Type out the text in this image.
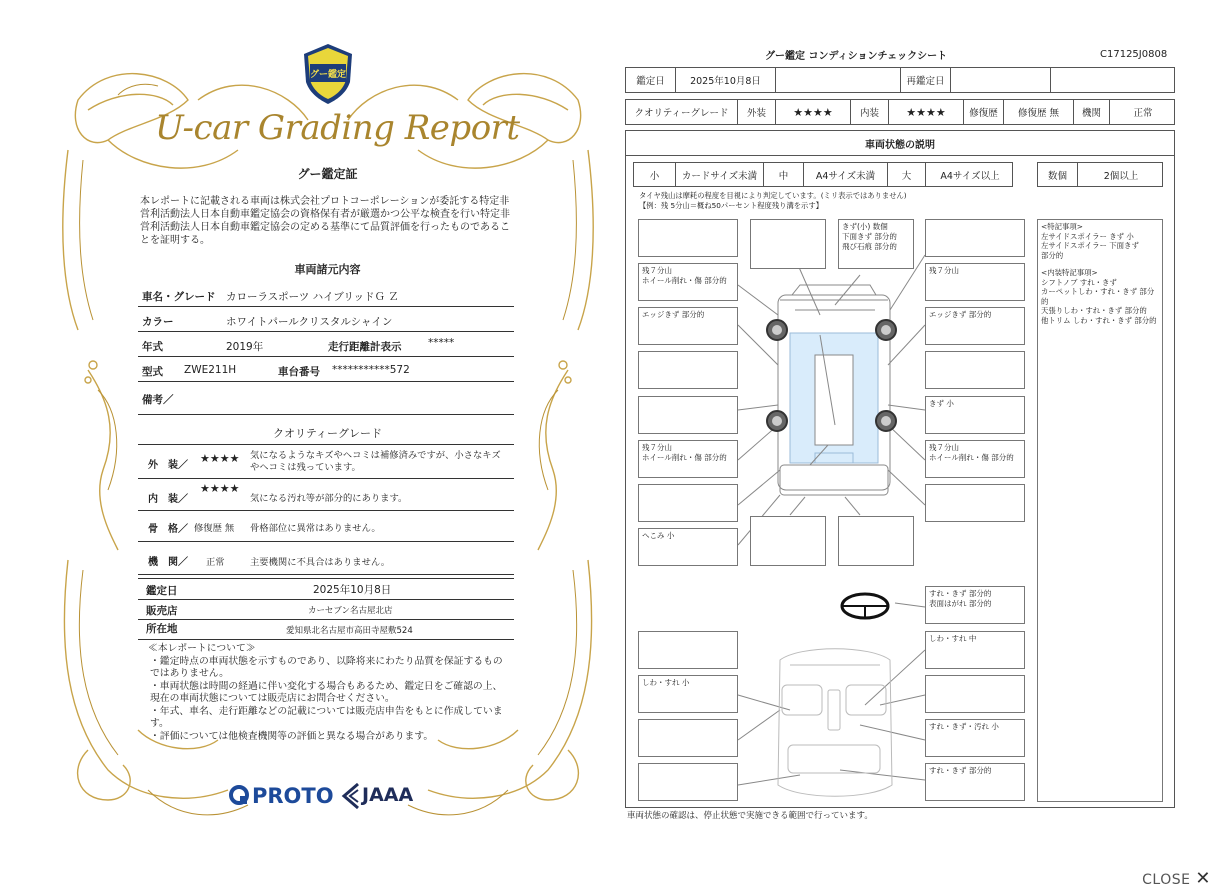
グー鑑定
U-car Grading Report
グー鑑定証
本レポートに記載される車両は株式会社プロトコーポレーションが委託する特定非営利活動法人日本自動車鑑定協会の資格保有者が厳選かつ公平な検査を行い特定非営利活動法人日本自動車鑑定協会の定める基準にて品質評価を行ったものであることを証明する。
車両諸元内容
車名・グレード カローラスポーツ ハイブリッドＧ Ｚ
カラー	ホワイトパールクリスタルシャイン
年式	2019年	走行距離計表示	*****
型式 ZWE211H	車台番号 ***********572
備考／
クオリティーグレード
外　装／
★★★★ 気になるようなキズやヘコミは補修済みですが、小さなキズやヘコミは残っています。
内　装／
★★★★
気になる汚れ等が部分的にあります。
骨　格／ 修復歴 無 骨格部位に異常はありません。
機　関／ 正常	主要機関に不具合はありません。
鑑定日	2025年10月8日
販売店	カーセブン名古屋北店
所在地	愛知県北名古屋市高田寺屋敷524
≪本レポートについて≫
・鑑定時点の車両状態を示すものであり、以降将来にわたり品質を保証するものではありません。
・車両状態は時間の経過に伴い変化する場合もあるため、鑑定日をご確認の上、現在の車両状態については販売店にお問合せください。
・年式、車名、走行距離などの記載については販売店申告をもとに作成しています。
・評価については他検査機関等の評価と異なる場合があります。
PROTO JAAA
グー鑑定 コンディションチェックシート	C17125J0808
鑑定日	2025年10月8日	再鑑定日
クオリティーグレード	外装	★★★★	内装	★★★★	修復歴	修復歴 無	機関	正常
車両状態の説明
小	カードサイズ未満	中	A4サイズ未満	大	A4サイズ以上	数個	2個以上
タイヤ残山は摩耗の程度を目視により判定しています。(ミリ表示ではありません)
【例：残 5分山＝概ね50パーセント程度残り溝を示す】
残７分山
ホイール削れ・傷 部分的
エッジきず 部分的
残７分山
ホイール削れ・傷 部分的
へこみ 小
きず(小) 数個
下面きず 部分的
飛び石痕 部分的
残７分山
エッジきず 部分的
きず 小
残７分山
ホイール削れ・傷 部分的
すれ・きず 部分的
表面はがれ 部分的
しわ・すれ 中
しわ・すれ 小
すれ・きず・汚れ 小
すれ・きず 部分的
<特記事項>
左サイドスポイラー きず 小
左サイドスポイラー 下面きず
部分的
<内装特記事項>
シフトノブ すれ・きず
カーペットしわ・すれ・きず 部分的
天張りしわ・すれ・きず 部分的
他トリム しわ・すれ・きず 部分的
車両状態の確認は、停止状態で実施できる範囲で行っています。
CLOSE ✕
